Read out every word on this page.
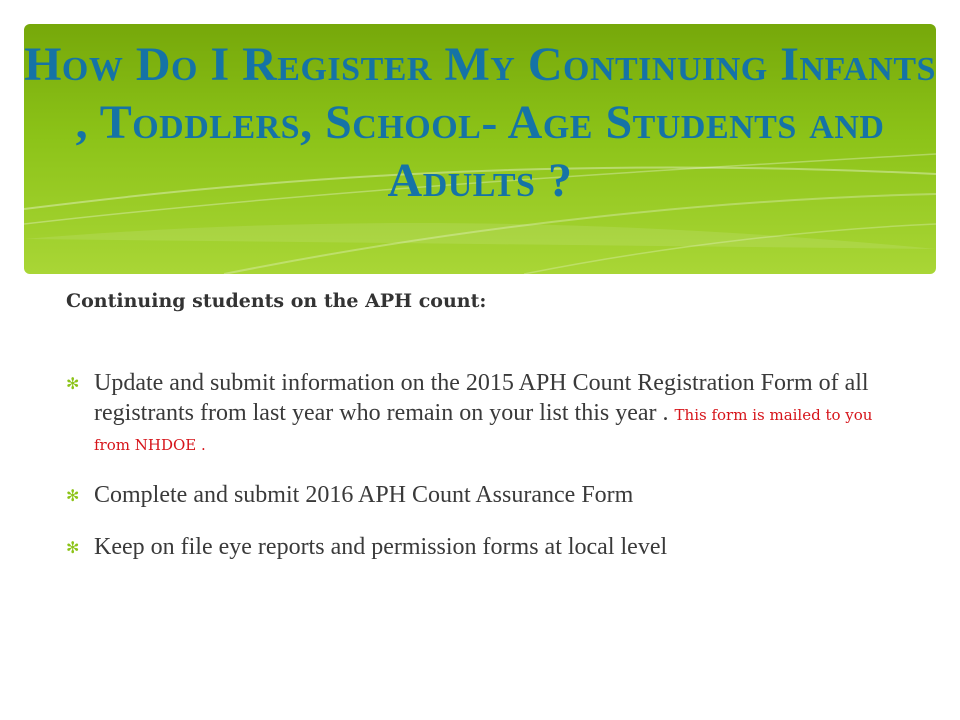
How Do I Register My Continuing Infants , Toddlers, School- Age Students and Adults ?

Continuing students on the APH count:

✻ Update and submit information on the 2015 APH Count Registration Form of all registrants from last year who remain on your list this year . This form is mailed to you from NHDOE .
✻ Complete and submit 2016 APH Count Assurance Form
✻ Keep on file eye reports and permission forms at local level
